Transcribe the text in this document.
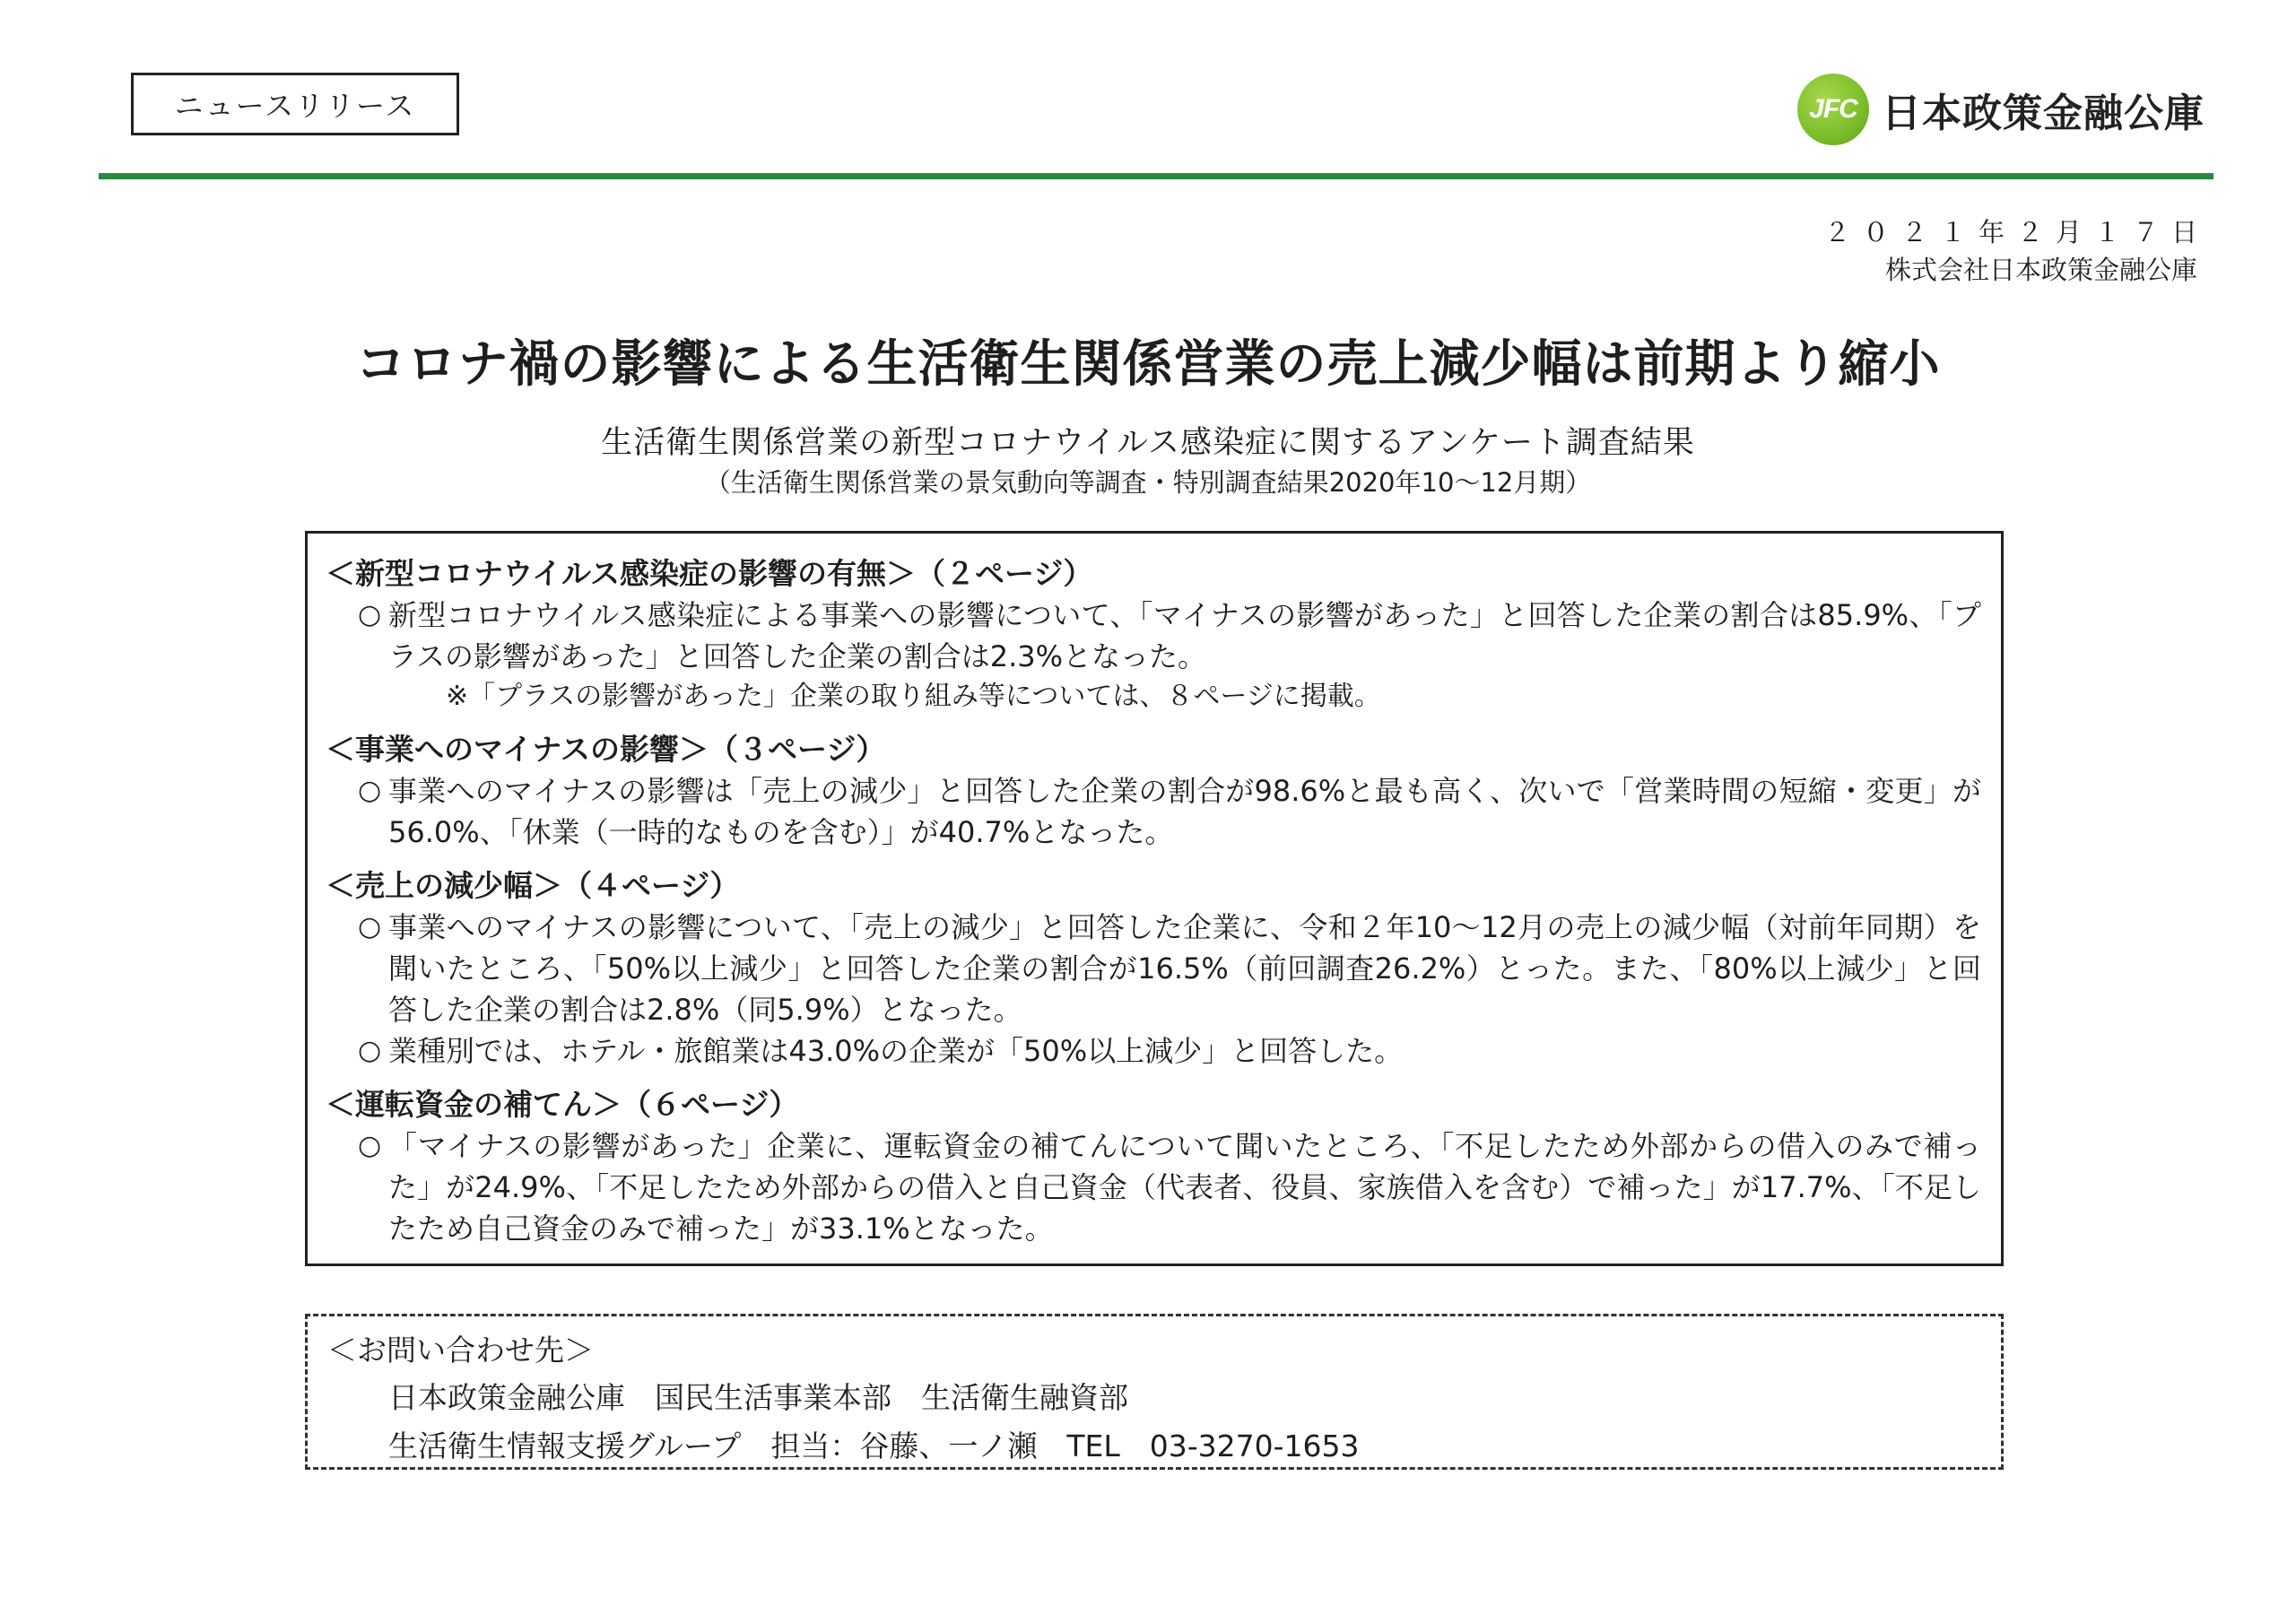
ニュースリリース	JFC 日本政策金融公庫
２０２１年２月１７日
株式会社日本政策金融公庫
コロナ禍の影響による生活衛生関係営業の売上減少幅は前期より縮小
生活衛生関係営業の新型コロナウイルス感染症に関するアンケート調査結果
（生活衛生関係営業の景気動向等調査・特別調査結果2020年10～12月期）
＜新型コロナウイルス感染症の影響の有無＞（２ページ）
○ 新型コロナウイルス感染症による事業への影響について、「マイナスの影響があった」と回答した企業の割合は85.9%、「プラスの影響があった」と回答した企業の割合は2.3%となった。
※「プラスの影響があった」企業の取り組み等については、８ページに掲載。
＜事業へのマイナスの影響＞（３ページ）
○ 事業へのマイナスの影響は「売上の減少」と回答した企業の割合が98.6%と最も高く、次いで「営業時間の短縮・変更」が56.0%、「休業（一時的なものを含む）」が40.7%となった。
＜売上の減少幅＞（４ページ）
○ 事業へのマイナスの影響について、「売上の減少」と回答した企業に、令和２年10～12月の売上の減少幅（対前年同期）を聞いたところ、「50%以上減少」と回答した企業の割合が16.5%（前回調査26.2%）とった。また、「80%以上減少」と回答した企業の割合は2.8%（同5.9%）となった。
○ 業種別では、ホテル・旅館業は43.0%の企業が「50%以上減少」と回答した。
＜運転資金の補てん＞（６ページ）
○ 「マイナスの影響があった」企業に、運転資金の補てんについて聞いたところ、「不足したため外部からの借入のみで補った」が24.9%、「不足したため外部からの借入と自己資金（代表者、役員、家族借入を含む）で補った」が17.7%、「不足したため自己資金のみで補った」が33.1%となった。
＜お問い合わせ先＞
日本政策金融公庫　国民生活事業本部　生活衛生融資部
生活衛生情報支援グループ　担当：谷藤、一ノ瀬　TEL　03-3270-1653
